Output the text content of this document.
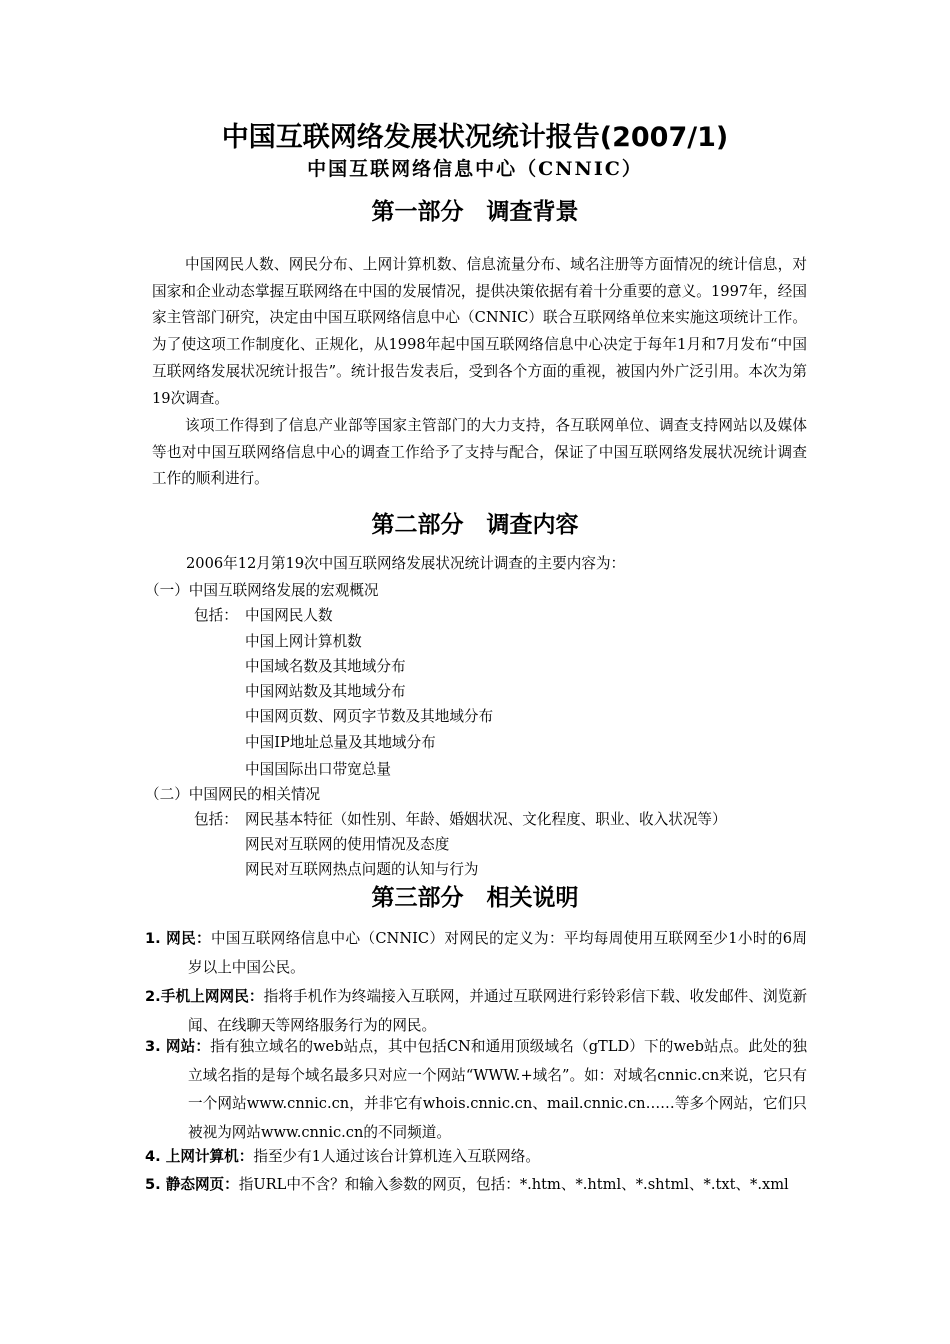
中国互联网络发展状况统计报告(2007/1)
中国互联网络信息中心（CNNIC）
第一部分　调查背景
中国网民人数、网民分布、上网计算机数、信息流量分布、域名注册等方面情况的统计信息，对国家和企业动态掌握互联网络在中国的发展情况，提供决策依据有着十分重要的意义。1997年，经国家主管部门研究，决定由中国互联网络信息中心（CNNIC）联合互联网络单位来实施这项统计工作。为了使这项工作制度化、正规化，从1998年起中国互联网络信息中心决定于每年1月和7月发布“中国互联网络发展状况统计报告”。统计报告发表后，受到各个方面的重视，被国内外广泛引用。本次为第19次调查。
该项工作得到了信息产业部等国家主管部门的大力支持，各互联网单位、调查支持网站以及媒体等也对中国互联网络信息中心的调查工作给予了支持与配合，保证了中国互联网络发展状况统计调查工作的顺利进行。
第二部分　调查内容
2006年12月第19次中国互联网络发展状况统计调查的主要内容为：
（一）中国互联网络发展的宏观概况
包括： 中国网民人数
中国上网计算机数
中国域名数及其地域分布
中国网站数及其地域分布
中国网页数、网页字节数及其地域分布
中国IP地址总量及其地域分布
中国国际出口带宽总量
（二）中国网民的相关情况
包括： 网民基本特征（如性别、年龄、婚姻状况、文化程度、职业、收入状况等）
网民对互联网的使用情况及态度
网民对互联网热点问题的认知与行为
第三部分　相关说明
1. 网民：中国互联网络信息中心（CNNIC）对网民的定义为：平均每周使用互联网至少1小时的6周岁以上中国公民。
2.手机上网网民：指将手机作为终端接入互联网，并通过互联网进行彩铃彩信下载、收发邮件、浏览新闻、在线聊天等网络服务行为的网民。
3. 网站：指有独立域名的web站点，其中包括CN和通用顶级域名（gTLD）下的web站点。此处的独立域名指的是每个域名最多只对应一个网站“WWW.+域名”。如：对域名cnnic.cn来说，它只有一个网站www.cnnic.cn，并非它有whois.cnnic.cn、mail.cnnic.cn……等多个网站，它们只被视为网站www.cnnic.cn的不同频道。
4. 上网计算机：指至少有1人通过该台计算机连入互联网络。
5. 静态网页：指URL中不含？和输入参数的网页，包括：*.htm、*.html、*.shtml、*.txt、*.xml
